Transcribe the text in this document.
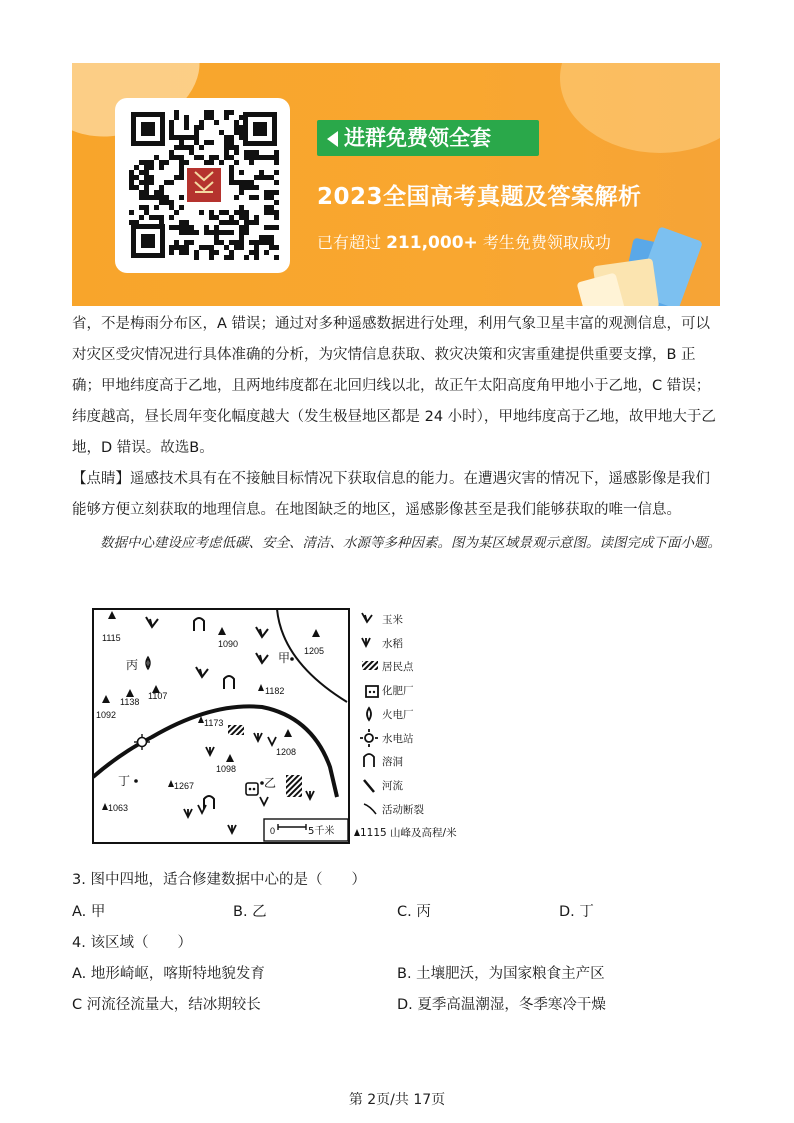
进群免费领全套
2023全国高考真题及答案解析
已有超过 211,000+ 考生免费领取成功
省，不是梅雨分布区，A 错误；通过对多种遥感数据进行处理，利用气象卫星丰富的观测信息，可以对灾区受灾情况进行具体准确的分析，为灾情信息获取、救灾决策和灾害重建提供重要支撑，B 正确；甲地纬度高于乙地，且两地纬度都在北回归线以北，故正午太阳高度角甲地小于乙地，C 错误；纬度越高，昼长周年变化幅度越大（发生极昼地区都是 24 小时），甲地纬度高于乙地，故甲地大于乙地，D 错误。故选B。
【点睛】遥感技术具有在不接触目标情况下获取信息的能力。在遭遇灾害的情况下，遥感影像是我们能够方便立刻获取的地理信息。在地图缺乏的地区，遥感影像甚至是我们能够获取的唯一信息。
数据中心建设应考虑低碳、安全、清洁、水源等多种因素。图为某区域景观示意图。读图完成下面小题。
1115
1090
1205
1138
1107
1092
1182
1173
1208
1098
1267
1063
丙	甲
乙
丁
0	5千米
玉米
水稻
居民点
化肥厂
火电厂
水电站
溶洞
河流
活动断裂
1115 山峰及高程/米
3. 图中四地，适合修建数据中心的是（　　）
A. 甲	B. 乙	C. 丙	D. 丁
4. 该区域（　　）
A. 地形崎岖，喀斯特地貌发育	B. 土壤肥沃，为国家粮食主产区
C 河流径流量大，结冰期较长	D. 夏季高温潮湿，冬季寒冷干燥
第 2页/共 17页
